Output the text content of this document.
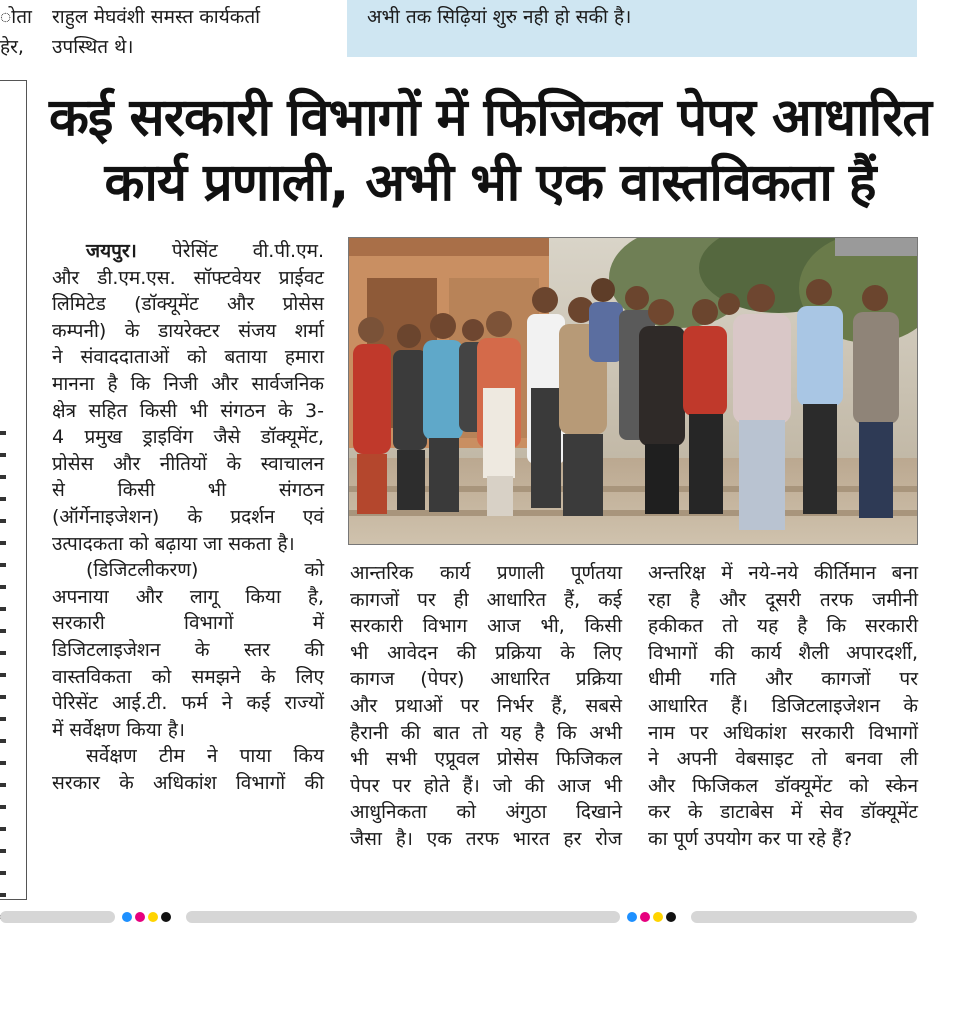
ोता

हेर,

राहुल मेघवंशी समस्त कार्यकर्ता

उपस्थित थे।

अभी तक सिढ़ियां शुरु नही हो सकी है।
कई सरकारी विभागों में फिजिकल पेपर आधारित
कार्य प्रणाली, अभी भी एक वास्तविकता हैं

जयपुर। पेरेसिंट वी.पी.एम.

और डी.एम.एस. सॉफ्टवेयर प्राईवट

लिमिटेड (डॉक्यूमेंट और प्रोसेस

कम्पनी) के डायरेक्टर संजय शर्मा

ने संवाददाताओं को बताया हमारा

मानना है कि निजी और सार्वजनिक

क्षेत्र सहित किसी भी संगठन के 3-

4 प्रमुख ड्राइविंग जैसे डॉक्यूमेंट,

प्रोसेस और नीतियों के स्वाचालन

से किसी भी संगठन

(ऑर्गेनाइजेशन) के प्रदर्शन एवं

उत्पादकता को बढ़ाया जा सकता है।

(डिजिटलीकरण) को

अपनाया और लागू किया है,

सरकारी विभागों में

डिजिटलाइजेशन के स्तर की

वास्तविकता को समझने के लिए

पेरिसेंट आई.टी. फर्म ने कई राज्यों

में सर्वेक्षण किया है।

सर्वेक्षण टीम ने पाया किय

सरकार के अधिकांश विभागों की

आन्तरिक कार्य प्रणाली पूर्णतया

कागजों पर ही आधारित हैं, कई

सरकारी विभाग आज भी, किसी

भी आवेदन की प्रक्रिया के लिए

कागज (पेपर) आधारित प्रक्रिया

और प्रथाओं पर निर्भर हैं, सबसे

हैरानी की बात तो यह है कि अभी

भी सभी एप्रूवल प्रोसेस फिजिकल

पेपर पर होते हैं। जो की आज भी

आधुनिकता को अंगुठा दिखाने

जैसा है। एक तरफ भारत हर रोज

अन्तरिक्ष में नये-नये कीर्तिमान बना

रहा है और दूसरी तरफ जमीनी

हकीकत तो यह है कि सरकारी

विभागों की कार्य शैली अपारदर्शी,

धीमी गति और कागजों पर

आधारित हैं। डिजिटलाइजेशन के

नाम पर अधिकांश सरकारी विभागों

ने अपनी वेबसाइट तो बनवा ली

और फिजिकल डॉक्यूमेंट को स्केन

कर के डाटाबेस में सेव डॉक्यूमेंट

का पूर्ण उपयोग कर पा रहे हैं?
